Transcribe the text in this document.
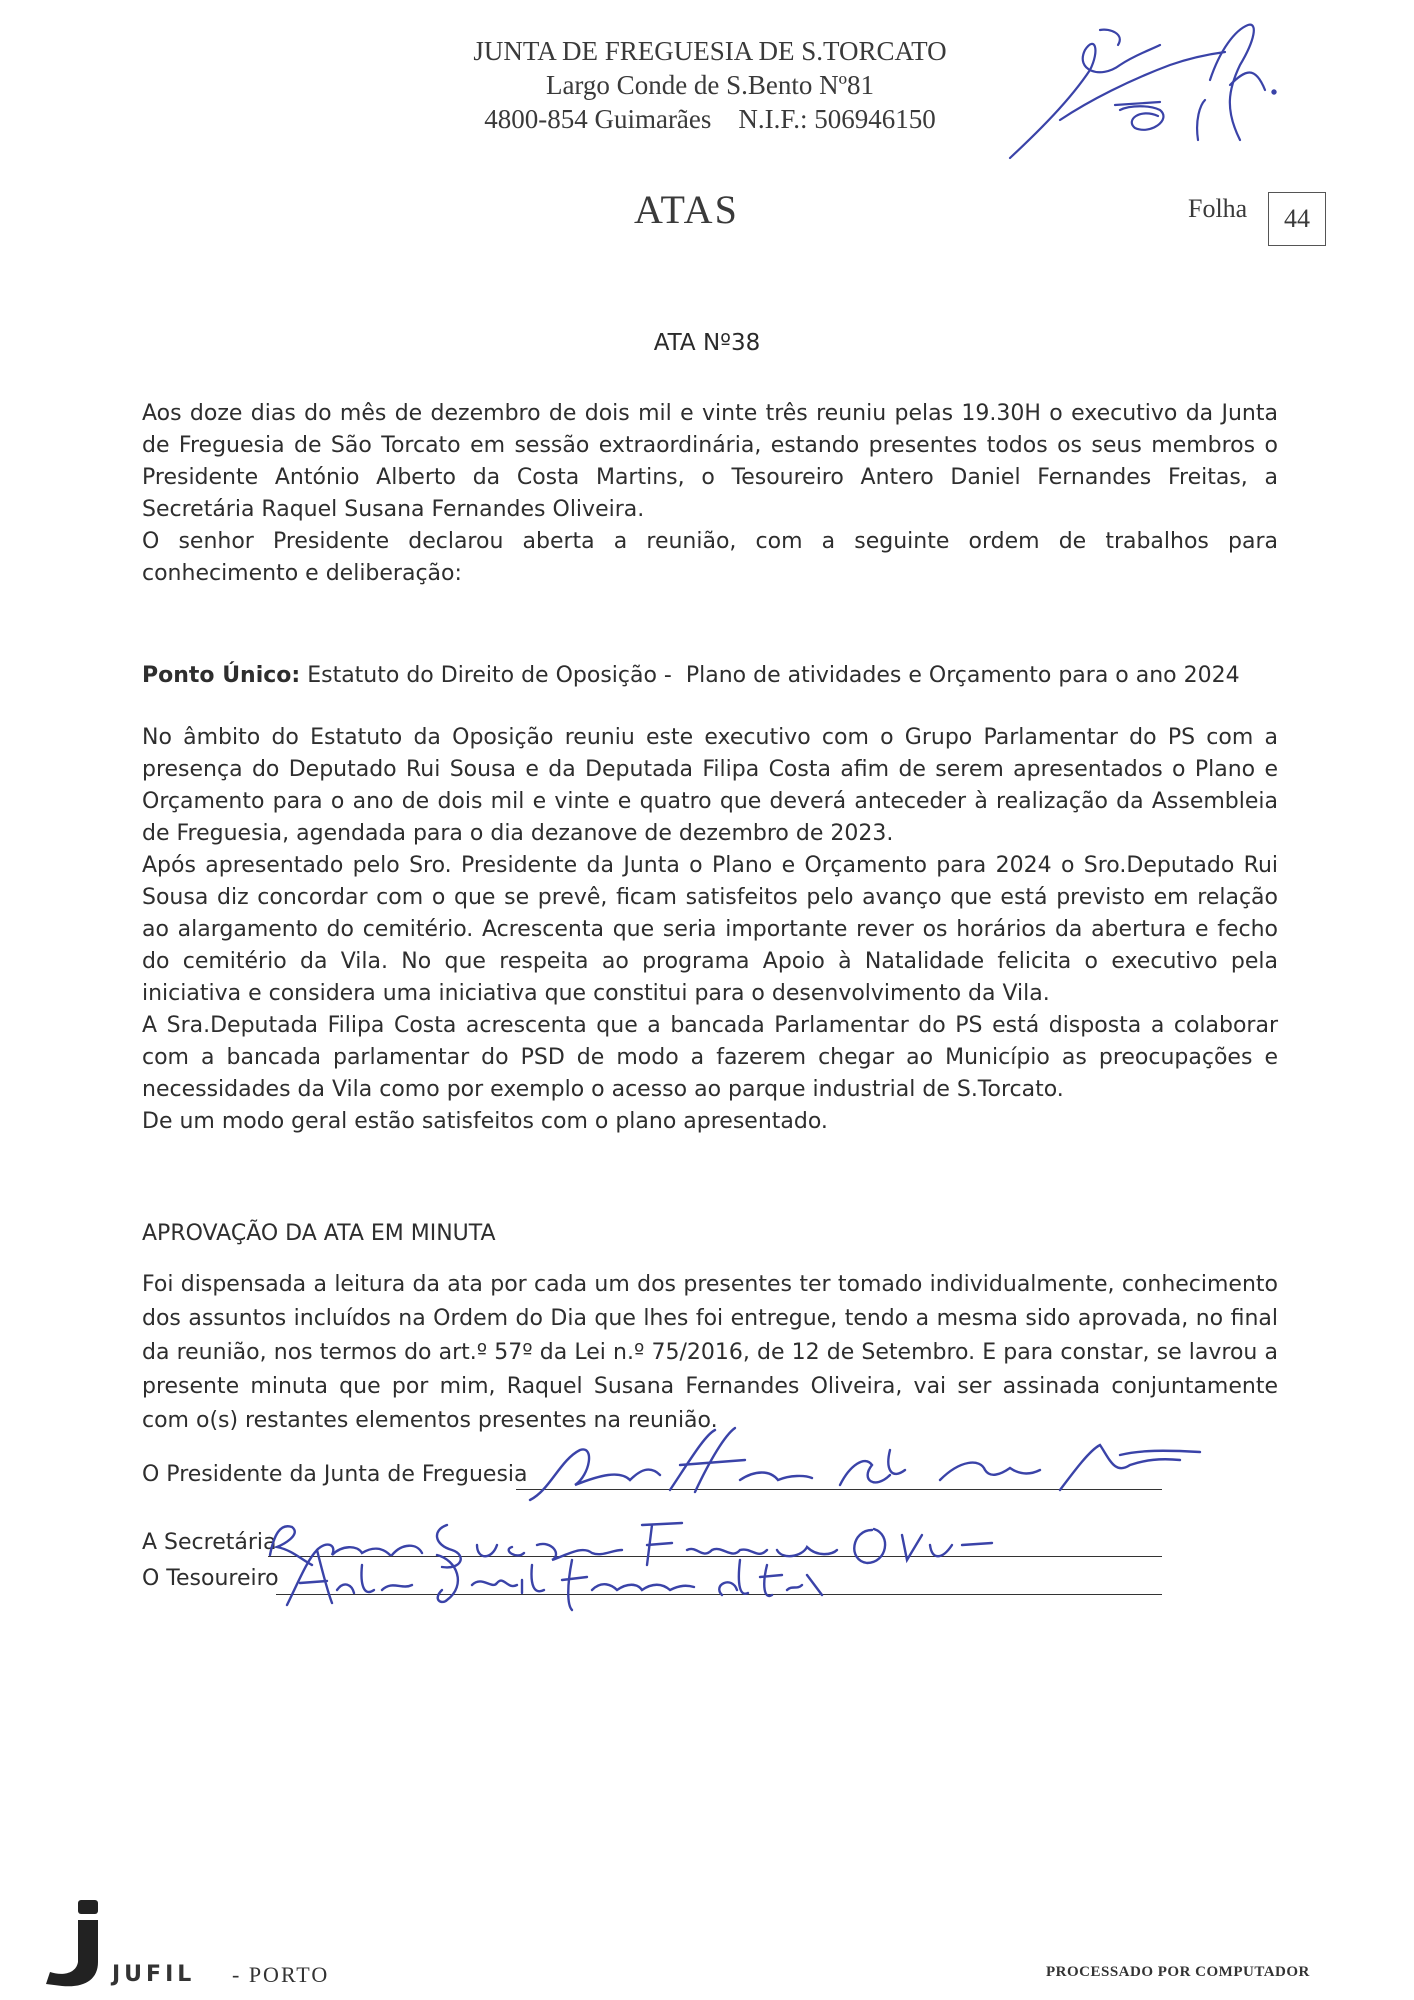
JUNTA DE FREGUESIA DE S.TORCATO
Largo Conde de S.Bento Nº81
4800-854 Guimarães    N.I.F.: 506946150
ATAS	Folha	44
ATA Nº38

Aos doze dias do mês de dezembro de dois mil e vinte três reuniu pelas 19.30H o executivo da Junta de Freguesia de São Torcato em sessão extraordinária, estando presentes todos os seus membros o Presidente António Alberto da Costa Martins, o Tesoureiro Antero Daniel Fernandes Freitas, a Secretária Raquel Susana Fernandes Oliveira.

O senhor Presidente declarou aberta a reunião, com a seguinte ordem de trabalhos para conhecimento e deliberação:

Ponto Único: Estatuto do Direito de Oposição -  Plano de atividades e Orçamento para o ano 2024

No âmbito do Estatuto da Oposição reuniu este executivo com o Grupo Parlamentar do PS com a presença do Deputado Rui Sousa e da Deputada Filipa Costa afim de serem apresentados o Plano e Orçamento para o ano de dois mil e vinte e quatro que deverá anteceder à realização da Assembleia de Freguesia, agendada para o dia dezanove de dezembro de 2023.

Após apresentado pelo Sro. Presidente da Junta o Plano e Orçamento para 2024 o Sro.Deputado Rui Sousa diz concordar com o que se prevê, ficam satisfeitos pelo avanço que está previsto em relação ao alargamento do cemitério. Acrescenta que seria importante rever os horários da abertura e fecho do cemitério da Vila. No que respeita ao programa Apoio à Natalidade felicita o executivo pela iniciativa e considera uma iniciativa que constitui para o desenvolvimento da Vila.

A Sra.Deputada Filipa Costa acrescenta que a bancada Parlamentar do PS está disposta a colaborar com a bancada parlamentar do PSD de modo a fazerem chegar ao Município as preocupações e necessidades da Vila como por exemplo o acesso ao parque industrial de S.Torcato.

De um modo geral estão satisfeitos com o plano apresentado.

APROVAÇÃO DA ATA EM MINUTA
Foi dispensada a leitura da ata por cada um dos presentes ter tomado individualmente, conhecimento dos assuntos incluídos na Ordem do Dia que lhes foi entregue, tendo a mesma sido aprovada, no final da reunião, nos termos do art.º 57º da Lei n.º 75/2016, de 12 de Setembro. E para constar, se lavrou a presente minuta que por mim, Raquel Susana Fernandes Oliveira, vai ser assinada conjuntamente com o(s) restantes elementos presentes na reunião.
O Presidente da Junta de Freguesia
A Secretária
O Tesoureiro
JUFIL - PORTO	PROCESSADO POR COMPUTADOR
